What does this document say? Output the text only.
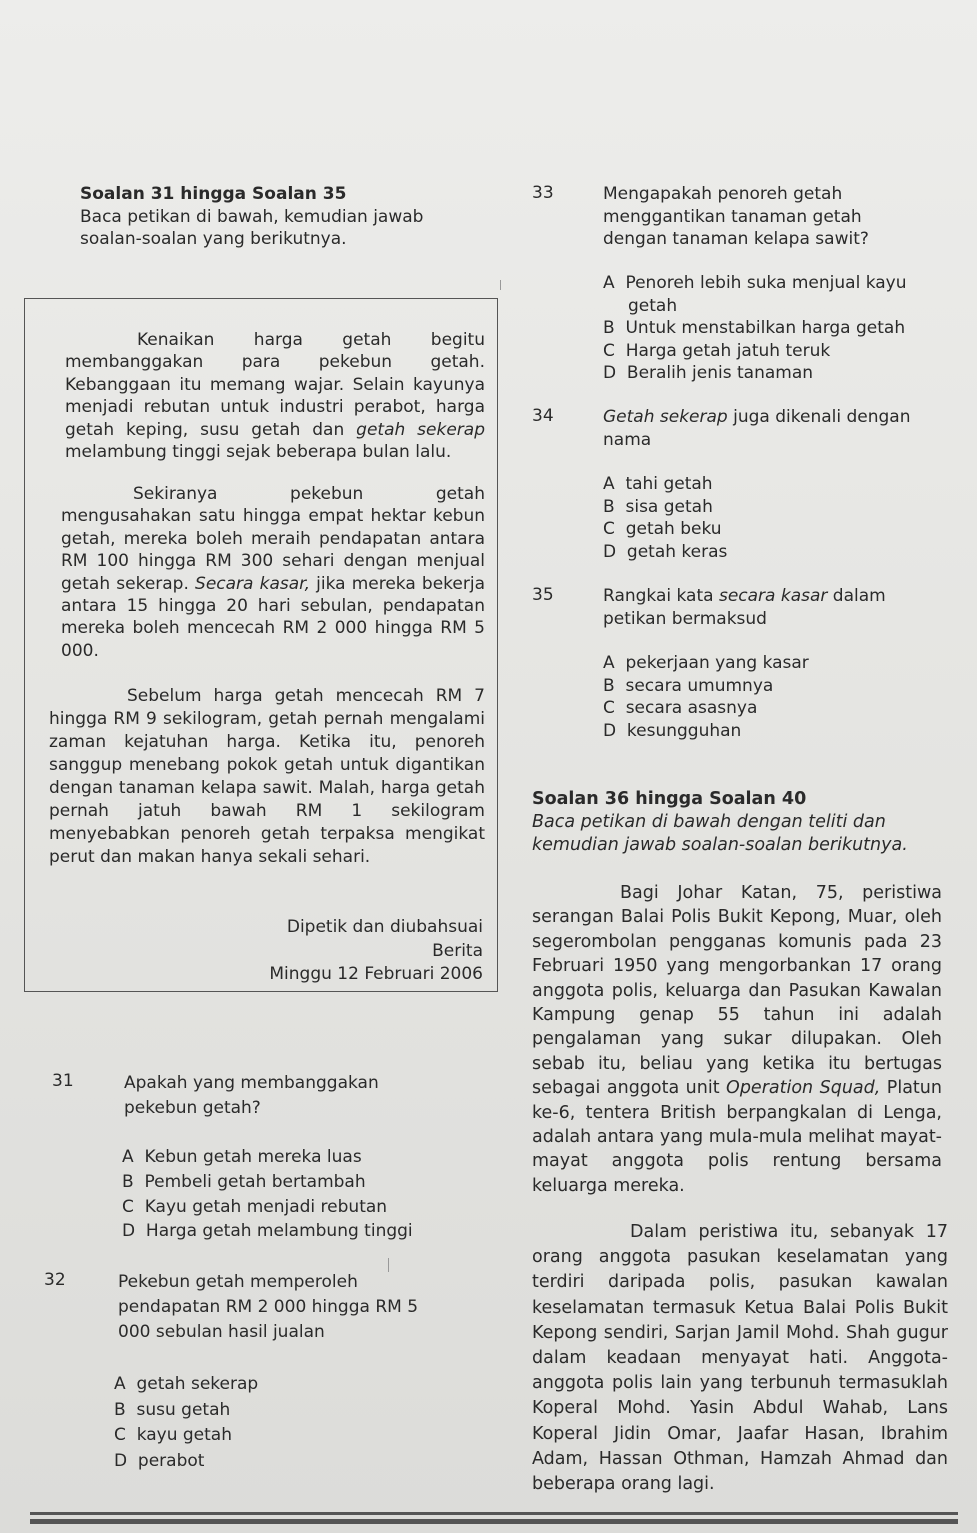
Soalan 31 hingga Soalan 35
Baca petikan di bawah, kemudian jawab
soalan-soalan yang berikutnya.
Kenaikan harga getah begitu membanggakan para pekebun getah. Kebanggaan itu memang wajar. Selain kayunya menjadi rebutan untuk industri perabot, harga getah keping, susu getah dan getah sekerap melambung tinggi sejak beberapa bulan lalu.
Sekiranya pekebun getah mengusahakan satu hingga empat hektar kebun getah, mereka boleh meraih pendapatan antara RM 100 hingga RM 300 sehari dengan menjual getah sekerap. Secara kasar, jika mereka bekerja antara 15 hingga 20 hari sebulan, pendapatan mereka boleh mencecah RM 2 000 hingga RM 5 000.
Sebelum harga getah mencecah RM 7 hingga RM 9 sekilogram, getah pernah mengalami zaman kejatuhan harga. Ketika itu, penoreh sanggup menebang pokok getah untuk digantikan dengan tanaman kelapa sawit. Malah, harga getah pernah jatuh bawah RM 1 sekilogram menyebabkan penoreh getah terpaksa mengikat perut dan makan hanya sekali sehari.
Dipetik dan diubahsuai
Berita
Minggu 12 Februari 2006
31	Apakah yang membanggakan
pekebun getah?
A Kebun getah mereka luas
B Pembeli getah bertambah
C Kayu getah menjadi rebutan
D Harga getah melambung tinggi
32	Pekebun getah memperoleh
pendapatan RM 2 000 hingga RM 5
000 sebulan hasil jualan
A getah sekerap
B susu getah
C kayu getah
D perabot
33	Mengapakah penoreh getah
menggantikan tanaman getah
dengan tanaman kelapa sawit?
A Penoreh lebih suka menjual kayu
getah
B Untuk menstabilkan harga getah
C Harga getah jatuh teruk
D Beralih jenis tanaman
34	Getah sekerap juga dikenali dengan
nama
A tahi getah
B sisa getah
C getah beku
D getah keras
35	Rangkai kata secara kasar dalam
petikan bermaksud
A pekerjaan yang kasar
B secara umumnya
C secara asasnya
D kesungguhan
Soalan 36 hingga Soalan 40
Baca petikan di bawah dengan teliti dan
kemudian jawab soalan-soalan berikutnya.
Bagi Johar Katan, 75, peristiwa serangan Balai Polis Bukit Kepong, Muar, oleh segerombolan pengganas komunis pada 23 Februari 1950 yang mengorbankan 17 orang anggota polis, keluarga dan Pasukan Kawalan Kampung genap 55 tahun ini adalah pengalaman yang sukar dilupakan. Oleh sebab itu, beliau yang ketika itu bertugas sebagai anggota unit Operation Squad, Platun ke-6, tentera British berpangkalan di Lenga, adalah antara yang mula-mula melihat mayat-mayat anggota polis rentung bersama keluarga mereka.
Dalam peristiwa itu, sebanyak 17 orang anggota pasukan keselamatan yang terdiri daripada polis, pasukan kawalan keselamatan termasuk Ketua Balai Polis Bukit Kepong sendiri, Sarjan Jamil Mohd. Shah gugur dalam keadaan menyayat hati. Anggota-anggota polis lain yang terbunuh termasuklah Koperal Mohd. Yasin Abdul Wahab, Lans Koperal Jidin Omar, Jaafar Hasan, Ibrahim Adam, Hassan Othman, Hamzah Ahmad dan beberapa orang lagi.
